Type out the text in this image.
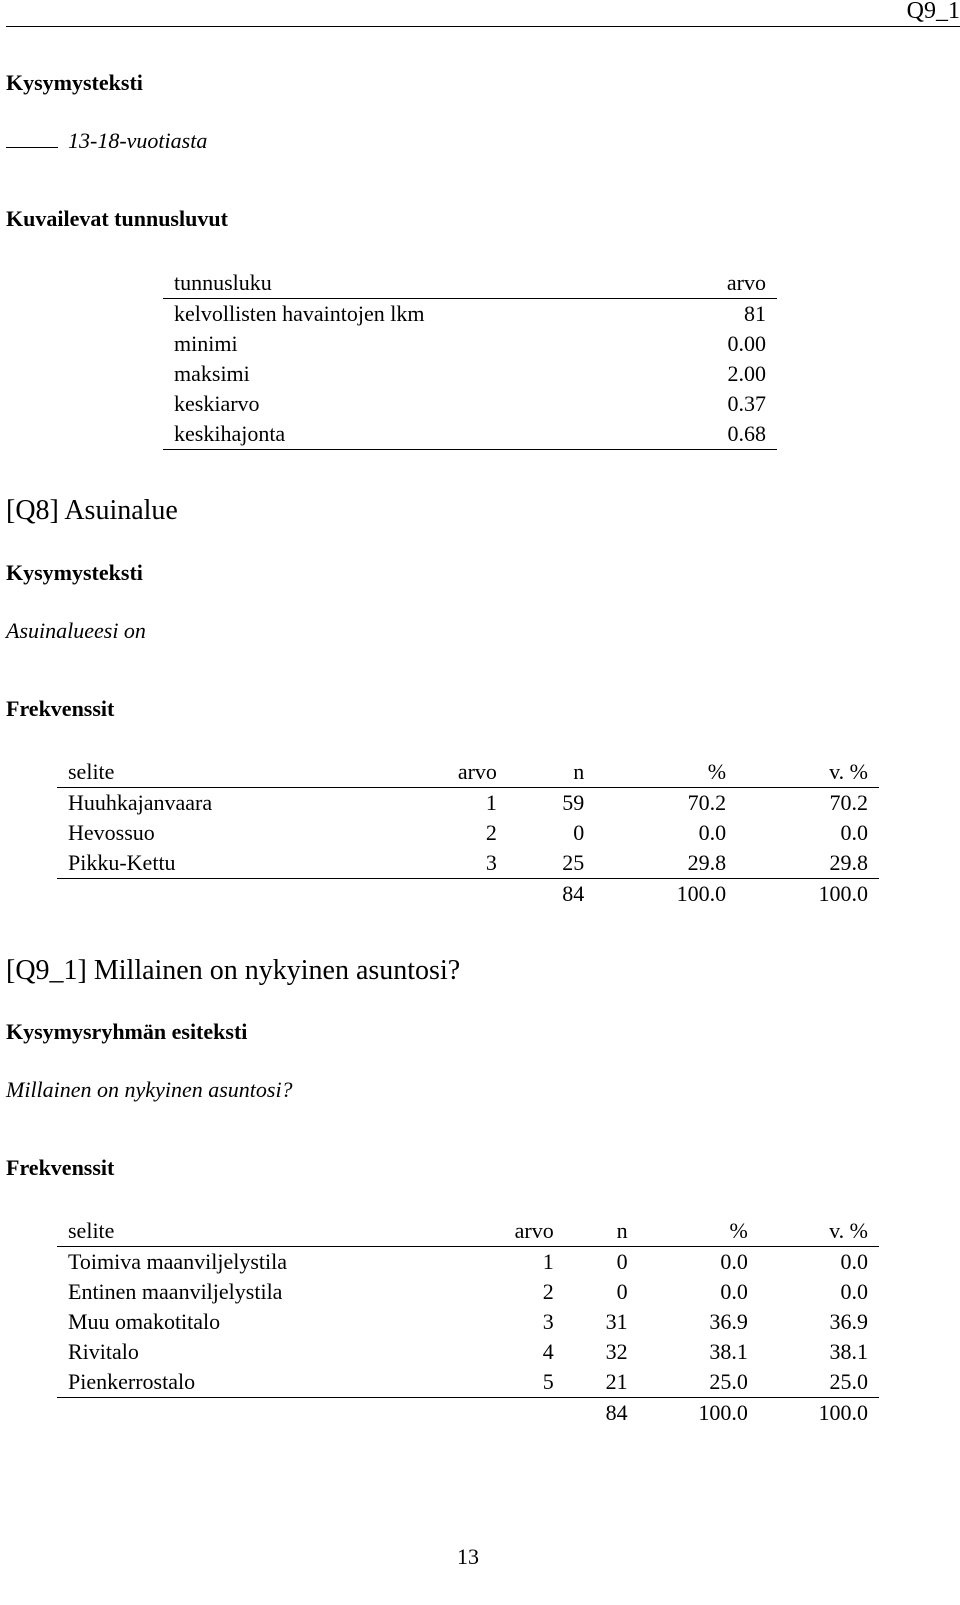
Q9_1
Kysymysteksti
13-18-vuotiasta
Kuvailevat tunnusluvut
tunnusluku	arvo
kelvollisten havaintojen lkm	81
minimi	0.00
maksimi	2.00
keskiarvo	0.37
keskihajonta	0.68
[Q8] Asuinalue
Kysymysteksti
Asuinalueesi on
Frekvenssit
selite	arvo	n	%	v. %
Huuhkajanvaara	1	59	70.2	70.2
Hevossuo	2	0	0.0	0.0
Pikku-Kettu	3	25	29.8	29.8
		84	100.0	100.0
[Q9_1] Millainen on nykyinen asuntosi?
Kysymysryhmän esiteksti
Millainen on nykyinen asuntosi?
Frekvenssit
selite	arvo	n	%	v. %
Toimiva maanviljelystila	1	0	0.0	0.0
Entinen maanviljelystila	2	0	0.0	0.0
Muu omakotitalo	3	31	36.9	36.9
Rivitalo	4	32	38.1	38.1
Pienkerrostalo	5	21	25.0	25.0
		84	100.0	100.0
13
